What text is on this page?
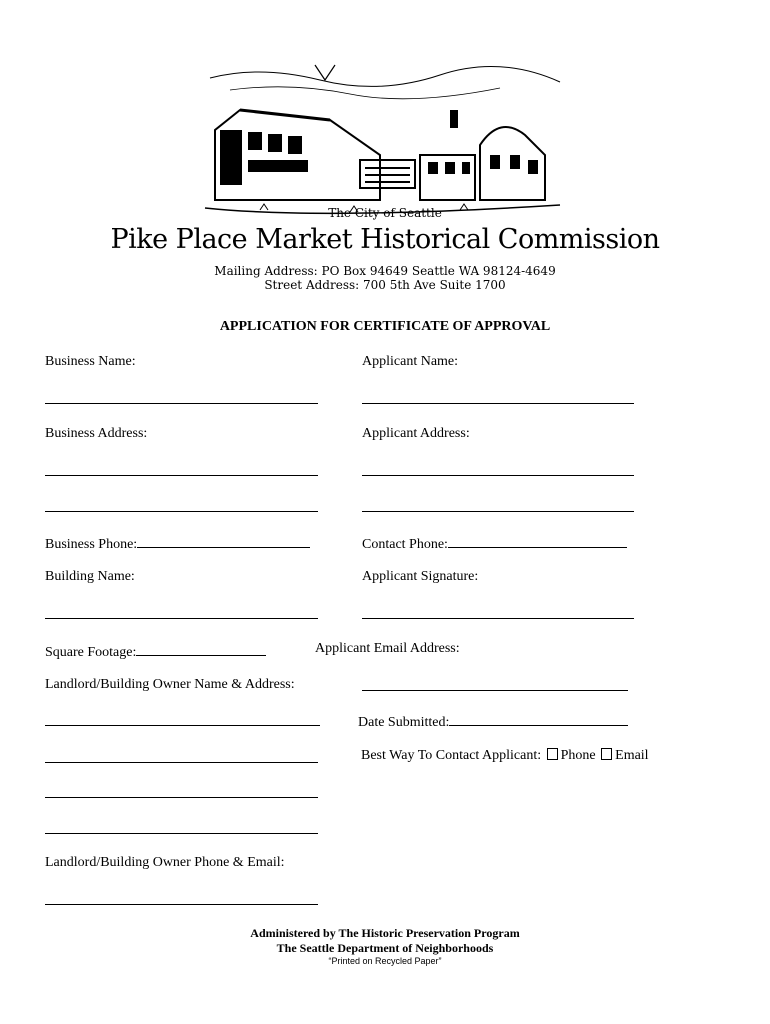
The City of Seattle
Pike Place Market Historical Commission
Mailing Address: PO Box 94649 Seattle WA 98124-4649
Street Address: 700 5th Ave Suite 1700
APPLICATION FOR CERTIFICATE OF APPROVAL
Business Name:	Applicant Name:
Business Address:	Applicant Address:
Business Phone:	Contact Phone:
Building Name:	Applicant Signature:
Square Footage:	Applicant Email Address:
Landlord/Building Owner Name & Address:
Date Submitted:
Best Way To Contact Applicant: Phone Email
Landlord/Building Owner Phone & Email:
Administered by The Historic Preservation Program
The Seattle Department of Neighborhoods
“Printed on Recycled Paper”
